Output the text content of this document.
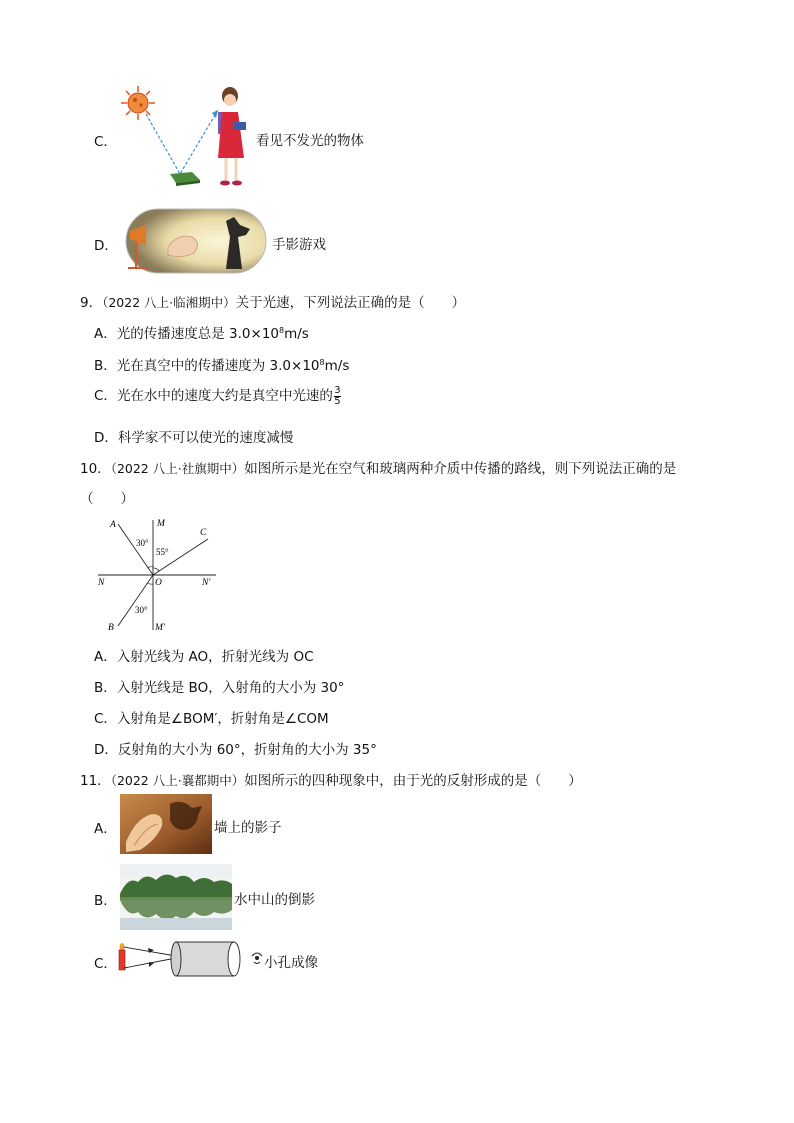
C．	看见不发光的物体
D．	手影游戏
9．（2022 八上·临湘期中）关于光速，下列说法正确的是（　　）
A．光的传播速度总是 $3.0\times 10^8m/s$
B．光在真空中的传播速度为 $3.0\times 10^8m/s$
C．光在水中的速度大约是真空中光速的 $\frac{3}{5}$
D．科学家不可以使光的速度减慢
10．（2022 八上·社旗期中）如图所示是光在空气和玻璃两种介质中传播的路线，则下列说法正确的是
（　　）
A	M
C
N	O	N′
B	M′
30°
55°
30°
A．入射光线为 AO，折射光线为 OC
B．入射光线是 BO，入射角的大小为 30°
C．入射角是∠BOM′，折射角是∠COM
D．反射角的大小为 60°，折射角的大小为 35°
11．（2022 八上·襄都期中）如图所示的四种现象中，由于光的反射形成的是（　　）
A．	墙上的影子
B．	水中山的倒影
C．	小孔成像
